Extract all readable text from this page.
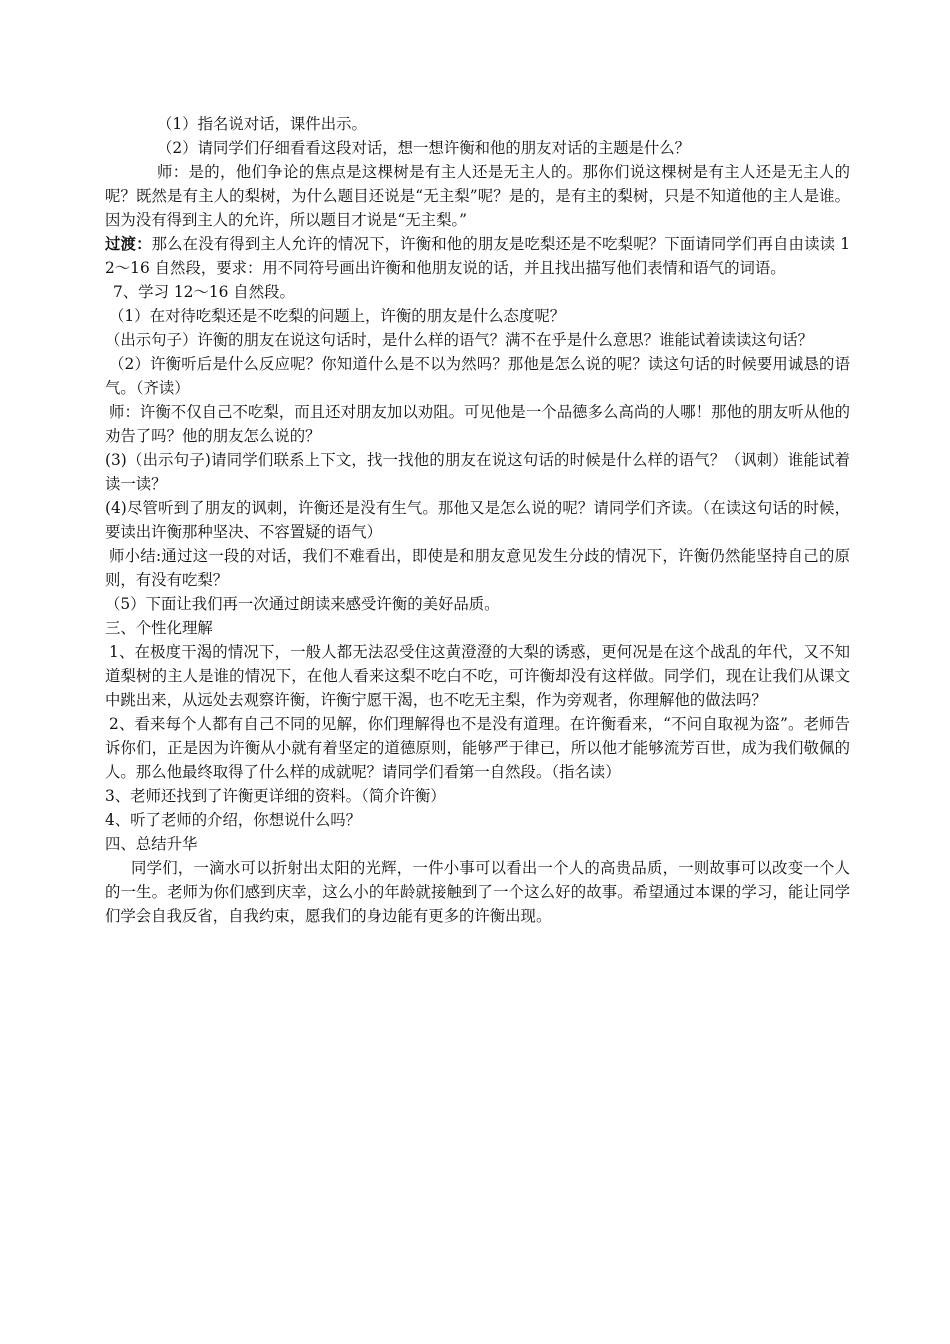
（1）指名说对话，课件出示。

（2）请同学们仔细看看这段对话，想一想许衡和他的朋友对话的主题是什么？

师：是的，他们争论的焦点是这棵树是有主人还是无主人的。那你们说这棵树是有主人还是无主人的呢？既然是有主人的梨树，为什么题目还说是“无主梨”呢？是的，是有主的梨树，只是不知道他的主人是谁。因为没有得到主人的允许，所以题目才说是“无主梨。”

过渡：那么在没有得到主人允许的情况下，许衡和他的朋友是吃梨还是不吃梨呢？下面请同学们再自由读读 12～16 自然段，要求：用不同符号画出许衡和他朋友说的话，并且找出描写他们表情和语气的词语。

7、学习 12～16 自然段。

（1）在对待吃梨还是不吃梨的问题上，许衡的朋友是什么态度呢？

（出示句子）许衡的朋友在说这句话时，是什么样的语气？满不在乎是什么意思？谁能试着读读这句话？

（2）许衡听后是什么反应呢？你知道什么是不以为然吗？那他是怎么说的呢？读这句话的时候要用诚恳的语气。（齐读）

师：许衡不仅自己不吃梨，而且还对朋友加以劝阻。可见他是一个品德多么高尚的人哪！那他的朋友听从他的劝告了吗？他的朋友怎么说的？

(3)（出示句子)请同学们联系上下文，找一找他的朋友在说这句话的时候是什么样的语气？（讽刺）谁能试着读一读？

(4)尽管听到了朋友的讽刺，许衡还是没有生气。那他又是怎么说的呢？请同学们齐读。（在读这句话的时候，要读出许衡那种坚决、不容置疑的语气）

师小结:通过这一段的对话，我们不难看出，即使是和朋友意见发生分歧的情况下，许衡仍然能坚持自己的原则，有没有吃梨？

（5）下面让我们再一次通过朗读来感受许衡的美好品质。

三、个性化理解

1、在极度干渴的情况下，一般人都无法忍受住这黄澄澄的大梨的诱惑，更何况是在这个战乱的年代，又不知道梨树的主人是谁的情况下，在他人看来这梨不吃白不吃，可许衡却没有这样做。同学们，现在让我们从课文中跳出来，从远处去观察许衡，许衡宁愿干渴，也不吃无主梨，作为旁观者，你理解他的做法吗？

2、看来每个人都有自己不同的见解，你们理解得也不是没有道理。在许衡看来，“不问自取视为盗”。老师告诉你们，正是因为许衡从小就有着坚定的道德原则，能够严于律已，所以他才能够流芳百世，成为我们敬佩的人。那么他最终取得了什么样的成就呢？请同学们看第一自然段。（指名读）

3、老师还找到了许衡更详细的资料。（简介许衡）

4、听了老师的介绍，你想说什么吗？

四、总结升华

同学们，一滴水可以折射出太阳的光辉，一件小事可以看出一个人的高贵品质，一则故事可以改变一个人的一生。老师为你们感到庆幸，这么小的年龄就接触到了一个这么好的故事。希望通过本课的学习，能让同学们学会自我反省，自我约束，愿我们的身边能有更多的许衡出现。
